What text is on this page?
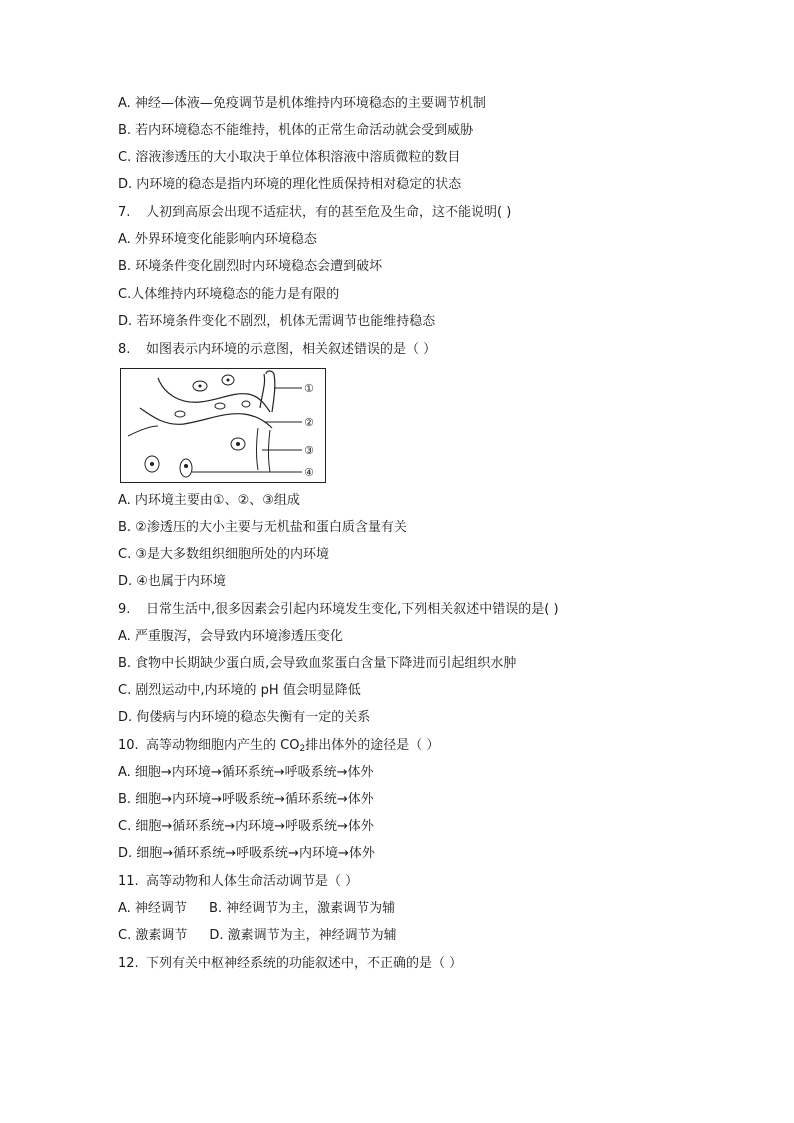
A. 神经—体液—免疫调节是机体维持内环境稳态的主要调节机制
B. 若内环境稳态不能维持，机体的正常生命活动就会受到威胁
C. 溶液渗透压的大小取决于单位体积溶液中溶质微粒的数目
D. 内环境的稳态是指内环境的理化性质保持相对稳定的状态
7. 人初到高原会出现不适症状，有的甚至危及生命，这不能说明( )
A. 外界环境变化能影响内环境稳态
B. 环境条件变化剧烈时内环境稳态会遭到破坏
C.人体维持内环境稳态的能力是有限的
D. 若环境条件变化不剧烈，机体无需调节也能维持稳态
8. 如图表示内环境的示意图，相关叙述错误的是（ ）
①
②
③
④
A. 内环境主要由①、②、③组成
B. ②渗透压的大小主要与无机盐和蛋白质含量有关
C. ③是大多数组织细胞所处的内环境
D. ④也属于内环境
9. 日常生活中,很多因素会引起内环境发生变化,下列相关叙述中错误的是( )
A. 严重腹泻，会导致内环境渗透压变化
B. 食物中长期缺少蛋白质,会导致血浆蛋白含量下降进而引起组织水肿
C. 剧烈运动中,内环境的 pH 值会明显降低
D. 佝偻病与内环境的稳态失衡有一定的关系
10. 高等动物细胞内产生的 $CO_2$排出体外的途径是（ ）
A. 细胞→内环境→循环系统→呼吸系统→体外
B. 细胞→内环境→呼吸系统→循环系统→体外
C. 细胞→循环系统→内环境→呼吸系统→体外
D. 细胞→循环系统→呼吸系统→内环境→体外
11. 高等动物和人体生命活动调节是（ ）
A. 神经调节 B. 神经调节为主，激素调节为辅
C. 激素调节 D. 激素调节为主，神经调节为辅
12. 下列有关中枢神经系统的功能叙述中，不正确的是（ ）
